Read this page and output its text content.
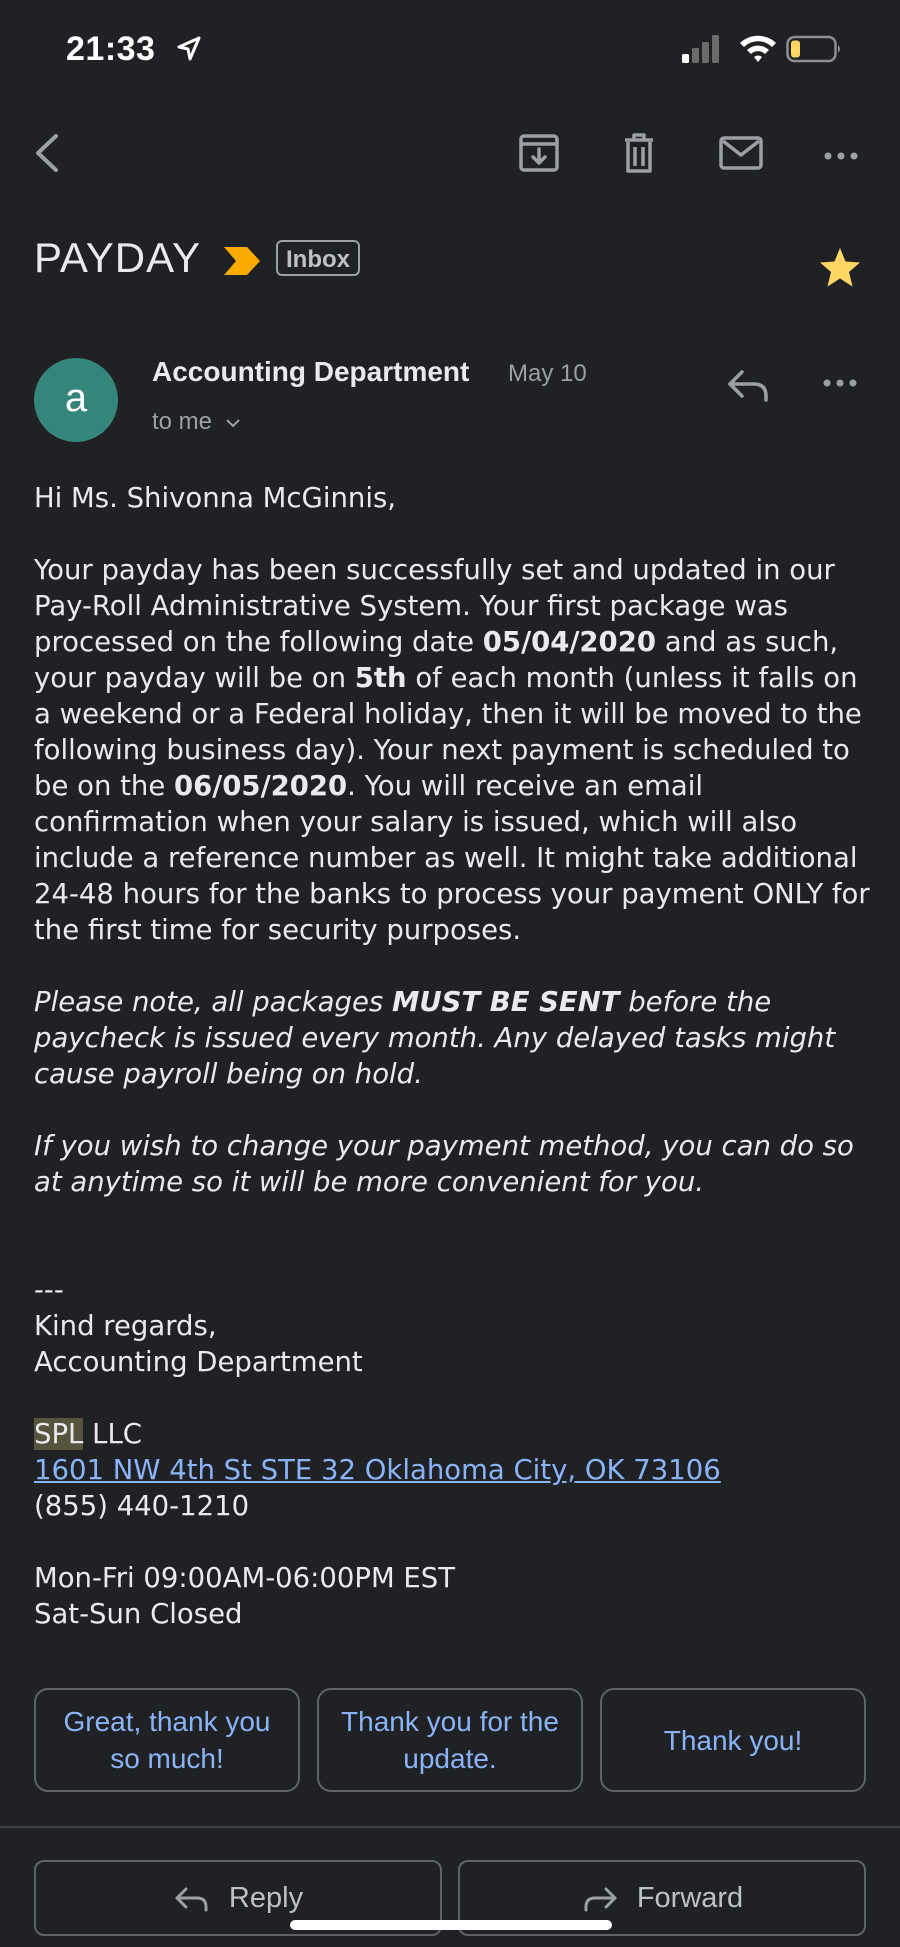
21:33
PAYDAY	Inbox
a
Accounting Department May 10
to me

Hi Ms. Shivonna McGinnis,

Your payday has been successfully set and updated in our Pay-Roll Administrative System. Your first package was processed on the following date 05/04/2020 and as such, your payday will be on 5th of each month (unless it falls on a weekend or a Federal holiday, then it will be moved to the following business day). Your next payment is scheduled to be on the 06/05/2020. You will receive an email confirmation when your salary is issued, which will also include a reference number as well. It might take additional 24-48 hours for the banks to process your payment ONLY for the first time for security purposes.

Please note, all packages MUST BE SENT before the paycheck is issued every month. Any delayed tasks might cause payroll being on hold.

If you wish to change your payment method, you can do so at anytime so it will be more convenient for you.

---

Kind regards,

Accounting Department

SPL LLC

1601 NW 4th St STE 32 Oklahoma City, OK 73106

(855) 440-1210

Mon-Fri 09:00AM-06:00PM EST

Sat-Sun Closed

Great, thank you so much!
Thank you for the update.
Thank you!
Reply	Forward
